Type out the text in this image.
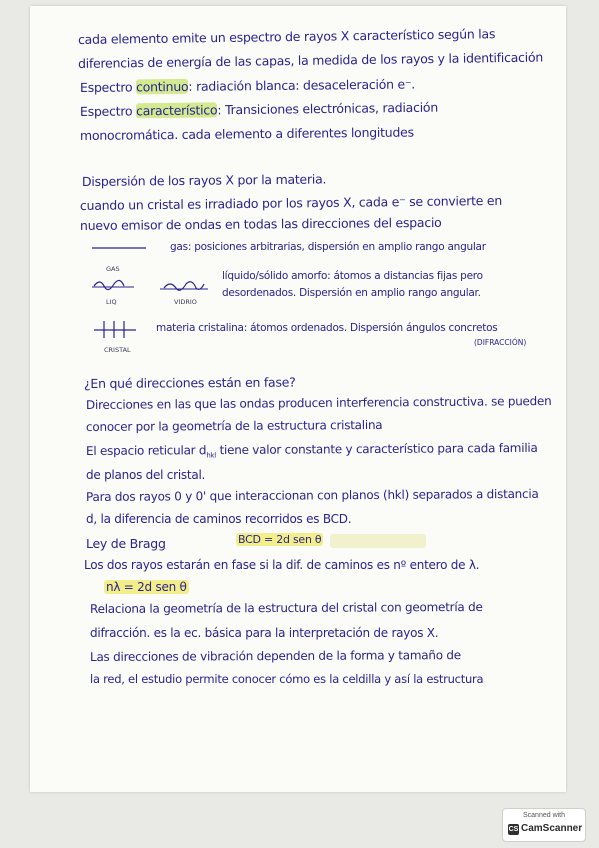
cada elemento emite un espectro de rayos X característico según las
diferencias de energía de las capas, la medida de los rayos y la identificación
Espectro continuo: radiación blanca: desaceleración e⁻.
Espectro característico: Transiciones electrónicas, radiación
monocromática. cada elemento a diferentes longitudes
Dispersión de los rayos X por la materia.
cuando un cristal es irradiado por los rayos X, cada e⁻ se convierte en
nuevo emisor de ondas en todas las direcciones del espacio
gas: posiciones arbitrarias, dispersión en amplio rango angular
GAS
LIQ	VIDRIO
líquido/sólido amorfo: átomos a distancias fijas pero
desordenados. Dispersión en amplio rango angular.
CRISTAL
materia cristalina: átomos ordenados. Dispersión ángulos concretos
(DIFRACCIÓN)
¿En qué direcciones están en fase?
Direcciones en las que las ondas producen interferencia constructiva. se pueden
conocer por la geometría de la estructura cristalina
El espacio reticular $d_{hkl}$ tiene valor constante y característico para cada familia
de planos del cristal.
Para dos rayos 0 y 0' que interaccionan con planos (hkl) separados a distancia
d, la diferencia de caminos recorridos es BCD.
Ley de Bragg	BCD = 2d sen θ
Los dos rayos estarán en fase si la dif. de caminos es nº entero de λ.
nλ = 2d sen θ
Relaciona la geometría de la estructura del cristal con geometría de
difracción. es la ec. básica para la interpretación de rayos X.
Las direcciones de vibración dependen de la forma y tamaño de
la red, el estudio permite conocer cómo es la celdilla y así la estructura
Scanned with
CS CamScanner
